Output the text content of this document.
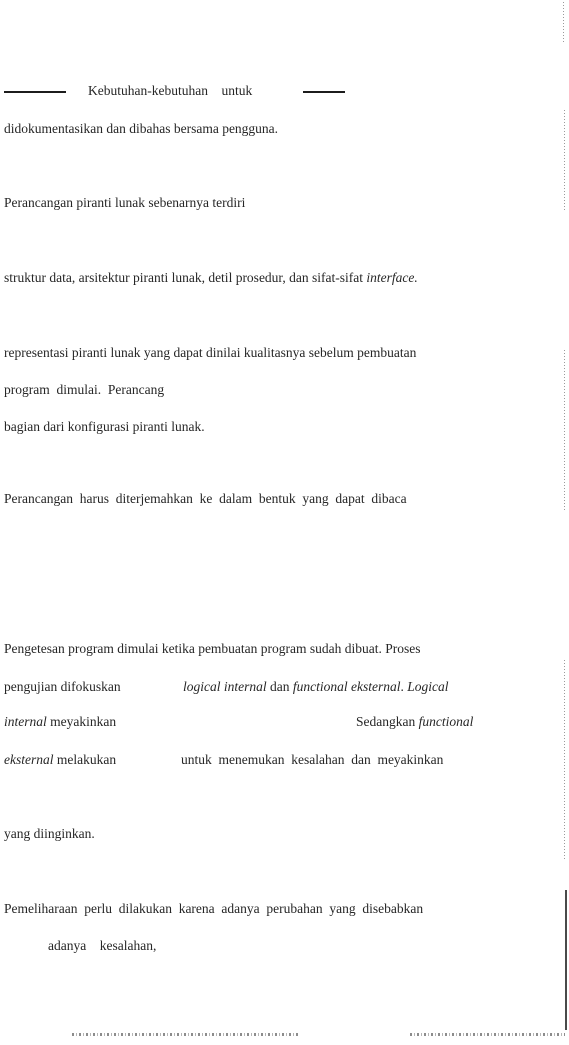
Kebutuhan-kebutuhan    untuk
didokumentasikan dan dibahas bersama pengguna.
Perancangan piranti lunak sebenarnya terdiri
struktur data, arsitektur piranti lunak, detil prosedur, dan sifat-sifat interface.
representasi piranti lunak yang dapat dinilai kualitasnya sebelum pembuatan
program  dimulai.  Perancang
bagian dari konfigurasi piranti lunak.
Perancangan  harus  diterjemahkan  ke  dalam  bentuk  yang  dapat  dibaca
Pengetesan program dimulai ketika pembuatan program sudah dibuat. Proses
pengujian difokuskan	logical internal dan functional eksternal. Logical
internal meyakinkan	Sedangkan functional
eksternal melakukan	untuk  menemukan  kesalahan  dan  meyakinkan
yang diinginkan.
Pemeliharaan  perlu  dilakukan  karena  adanya  perubahan  yang  disebabkan
adanya    kesalahan,
